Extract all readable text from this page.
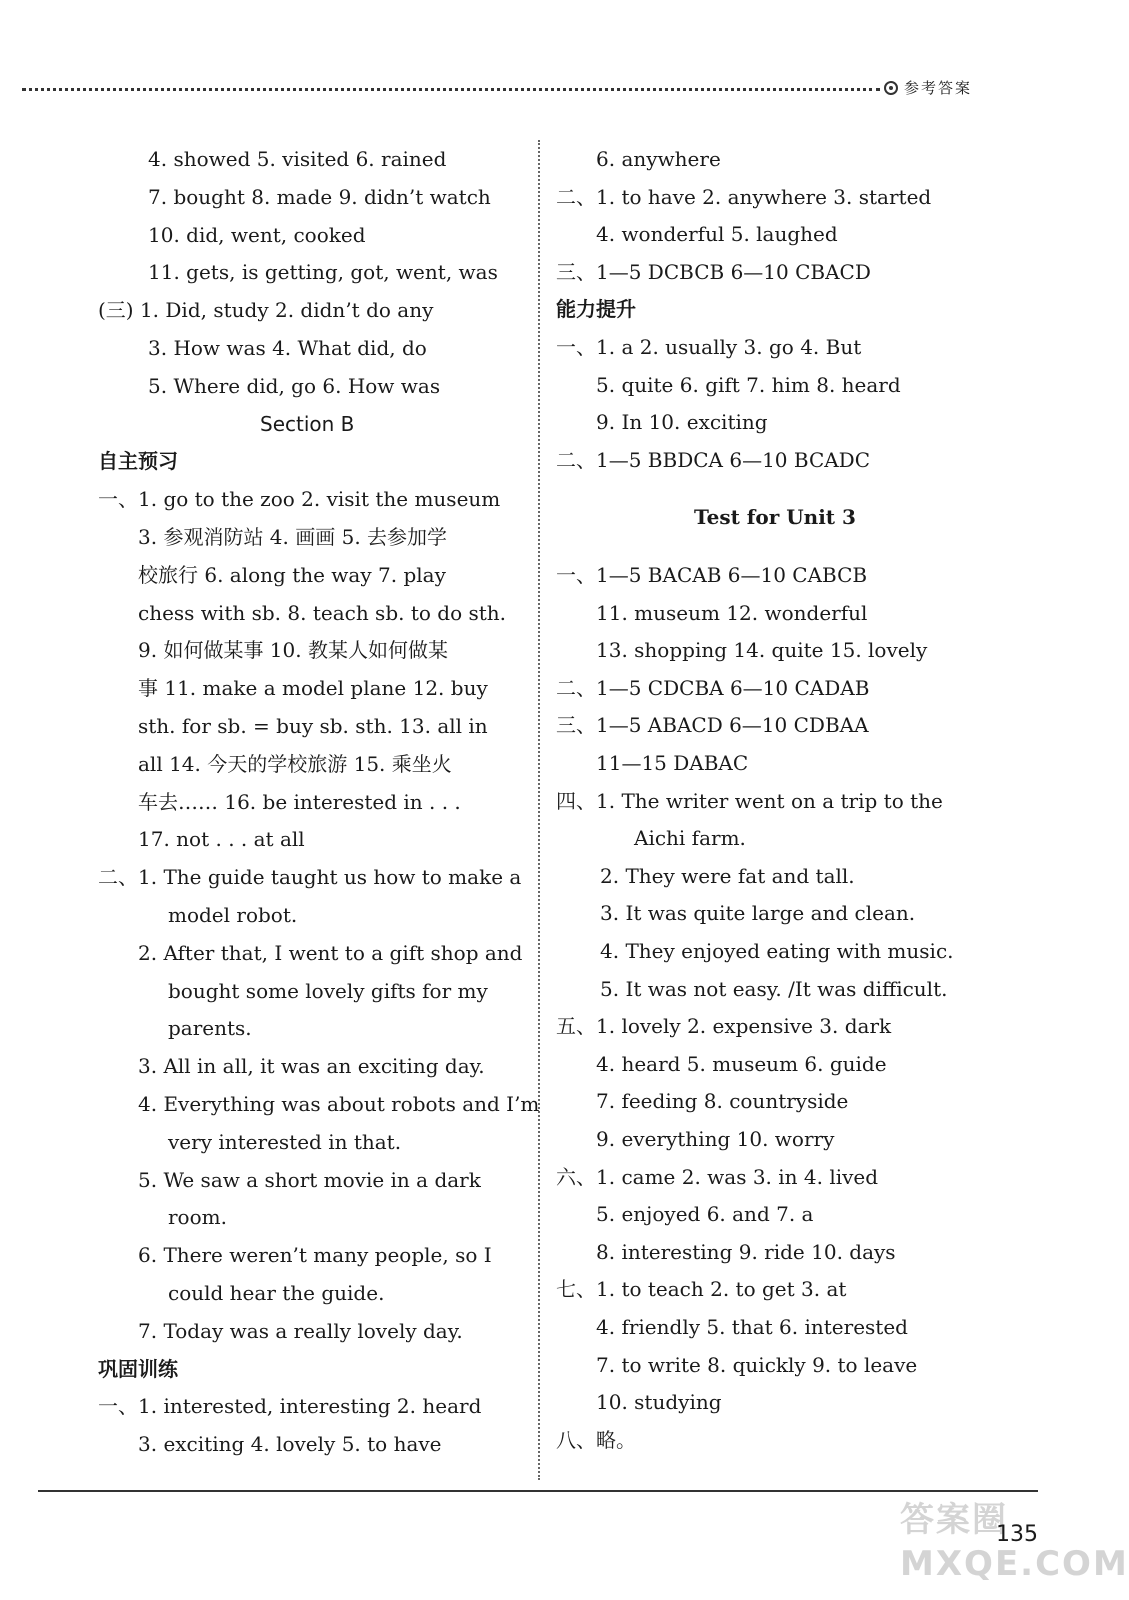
参考答案
4. showed 5. visited 6. rained
7. bought 8. made 9. didn’t watch
10. did, went, cooked
11. gets, is getting, got, went, was
(三) 1. Did, study 2. didn’t do any
3. How was 4. What did, do
5. Where did, go 6. How was
Section B
自主预习
一、1. go to the zoo 2. visit the museum
3. 参观消防站 4. 画画 5. 去参加学
校旅行 6. along the way 7. play
chess with sb. 8. teach sb. to do sth.
9. 如何做某事 10. 教某人如何做某
事 11. make a model plane 12. buy
sth. for sb. = buy sb. sth. 13. all in
all 14. 今天的学校旅游 15. 乘坐火
车去…… 16. be interested in . . .
17. not . . . at all
二、1. The guide taught us how to make a
model robot.
2. After that, I went to a gift shop and
bought some lovely gifts for my
parents.
3. All in all, it was an exciting day.
4. Everything was about robots and I’m
very interested in that.
5. We saw a short movie in a dark
room.
6. There weren’t many people, so I
could hear the guide.
7. Today was a really lovely day.
巩固训练
一、1. interested, interesting 2. heard
3. exciting 4. lovely 5. to have
6. anywhere
二、1. to have 2. anywhere 3. started
4. wonderful 5. laughed
三、1—5 DCBCB 6—10 CBACD
能力提升
一、1. a 2. usually 3. go 4. But
5. quite 6. gift 7. him 8. heard
9. In 10. exciting
二、1—5 BBDCA 6—10 BCADC
Test for Unit 3
一、1—5 BACAB 6—10 CABCB
11. museum 12. wonderful
13. shopping 14. quite 15. lovely
二、1—5 CDCBA 6—10 CADAB
三、1—5 ABACD 6—10 CDBAA
11—15 DABAC
四、1. The writer went on a trip to the
Aichi farm.
2. They were fat and tall.
3. It was quite large and clean.
4. They enjoyed eating with music.
5. It was not easy. /It was difficult.
五、1. lovely 2. expensive 3. dark
4. heard 5. museum 6. guide
7. feeding 8. countryside
9. everything 10. worry
六、1. came 2. was 3. in 4. lived
5. enjoyed 6. and 7. a
8. interesting 9. ride 10. days
七、1. to teach 2. to get 3. at
4. friendly 5. that 6. interested
7. to write 8. quickly 9. to leave
10. studying
八、略。
答案圈 MXQE.COM
135
